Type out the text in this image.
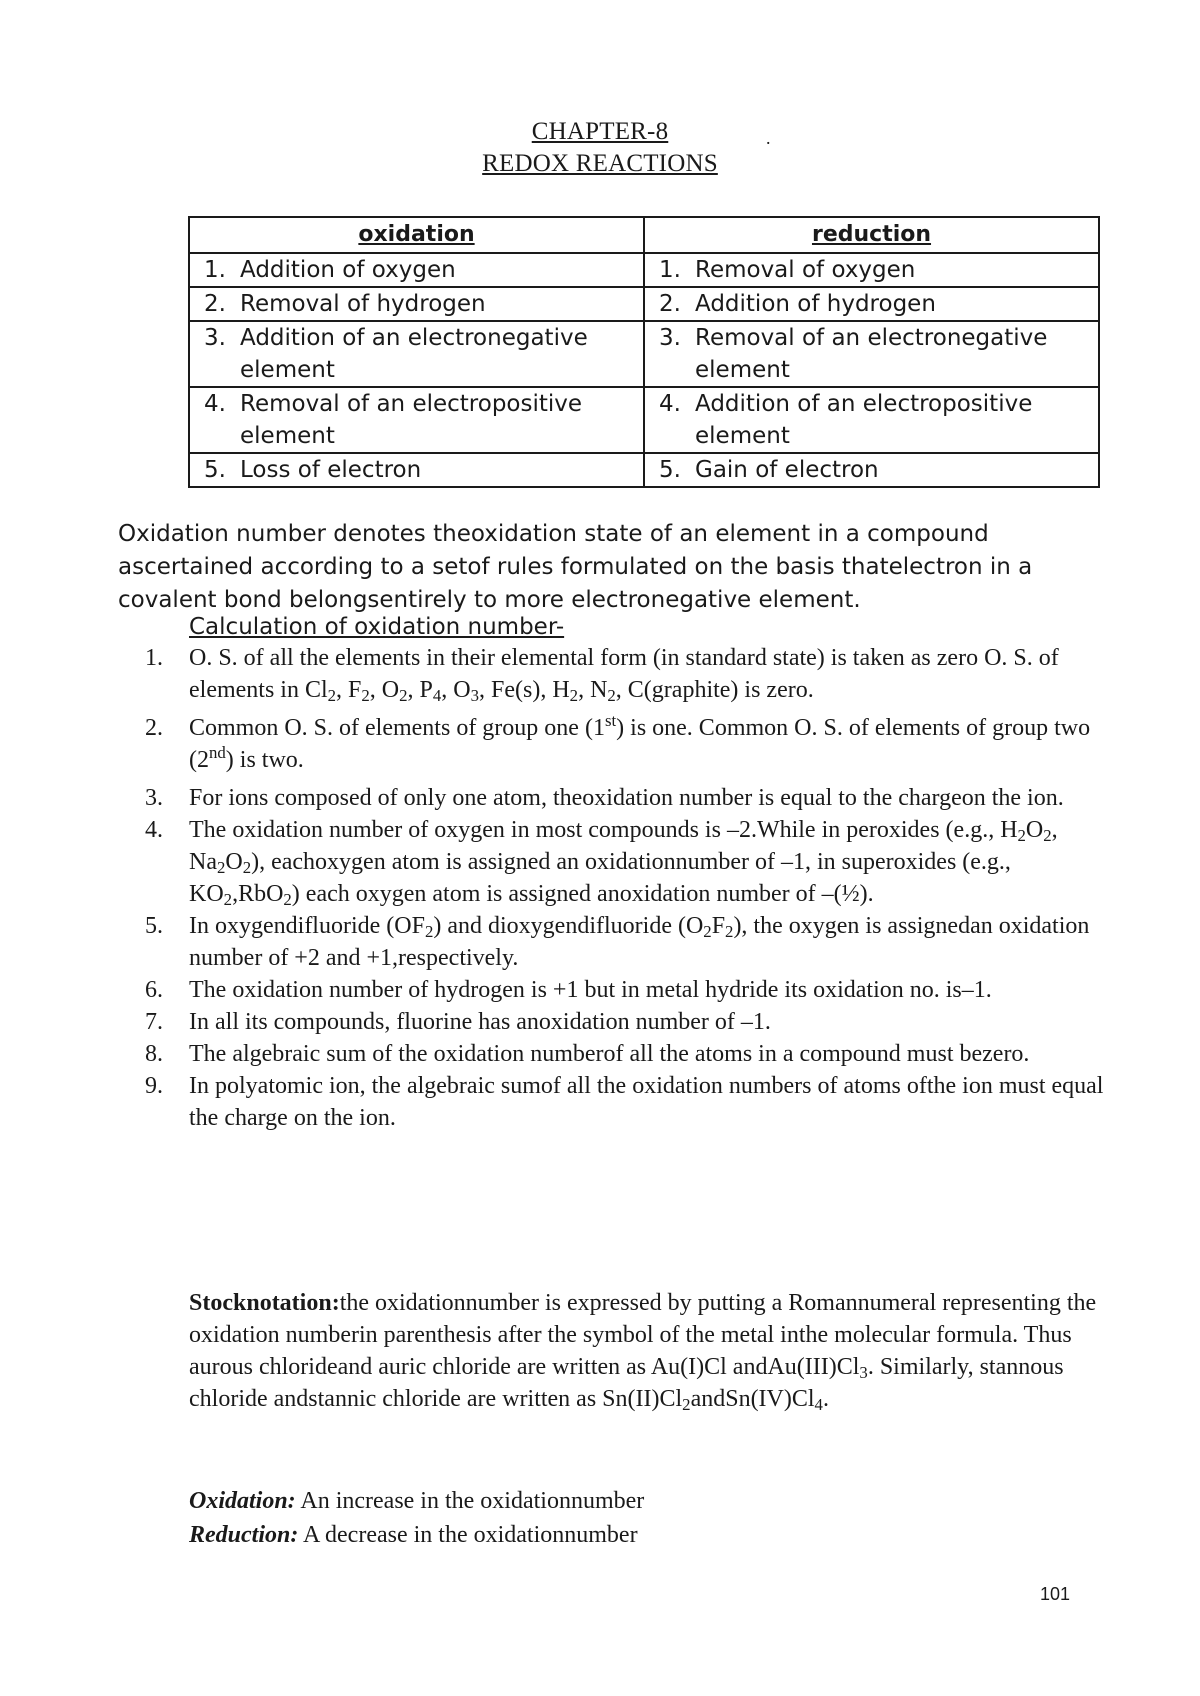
CHAPTER-8	.
REDOX REACTIONS
oxidation	reduction

1. Addition of oxygen	1. Removal of oxygen

2. Removal of hydrogen	2. Addition of hydrogen

3. Addition of an electronegative element	3. Removal of an electronegative element

4. Removal of an electropositive element	4. Addition of an electropositive element

5. Loss of electron	5. Gain of electron
Oxidation number denotes theoxidation state of an element in a compound ascertained according to a setof rules formulated on the basis thatelectron in a covalent bond belongsentirely to more electronegative element.
Calculation of oxidation number-
1. O. S. of all the elements in their elemental form (in standard state) is taken as zero O. S. of elements in $Cl_2$, $F_2$, $O_2$, $P_4$, $O_3$, Fe(s), $H_2$, $N_2$, C(graphite) is zero.
2. Common O. S. of elements of group one (1st) is one. Common O. S. of elements of group two (2nd) is two.
3. For ions composed of only one atom, theoxidation number is equal to the chargeon the ion.
4. The oxidation number of oxygen in most compounds is –2.While in peroxides (e.g., $H_2O_2$, $Na_2O_2$), eachoxygen atom is assigned an oxidationnumber of –1, in superoxides (e.g., $KO_2,RbO_2$) each oxygen atom is assigned anoxidation number of –(½).
5. In oxygendifluoride $(OF_2)$ and dioxygendifluoride $(O_2F_2)$, the oxygen is assignedan oxidation number of +2 and +1,respectively.
6. The oxidation number of hydrogen is +1 but in metal hydride its oxidation no. is–1.
7. In all its compounds, fluorine has anoxidation number of –1.
8. The algebraic sum of the oxidation numberof all the atoms in a compound must bezero.
9. In polyatomic ion, the algebraic sumof all the oxidation numbers of atoms ofthe ion must equal the charge on the ion.
Stocknotation:the oxidationnumber is expressed by putting a Romannumeral representing the oxidation numberin parenthesis after the symbol of the metal inthe molecular formula. Thus aurous chlorideand auric chloride are written as Au(I)Cl $andAu(III)Cl_3$. Similarly, stannous chloride andstannic chloride are written as $Sn(II)Cl_2andSn(IV)Cl_4$.
Oxidation: An increase in the oxidationnumber
Reduction: A decrease in the oxidationnumber
101
